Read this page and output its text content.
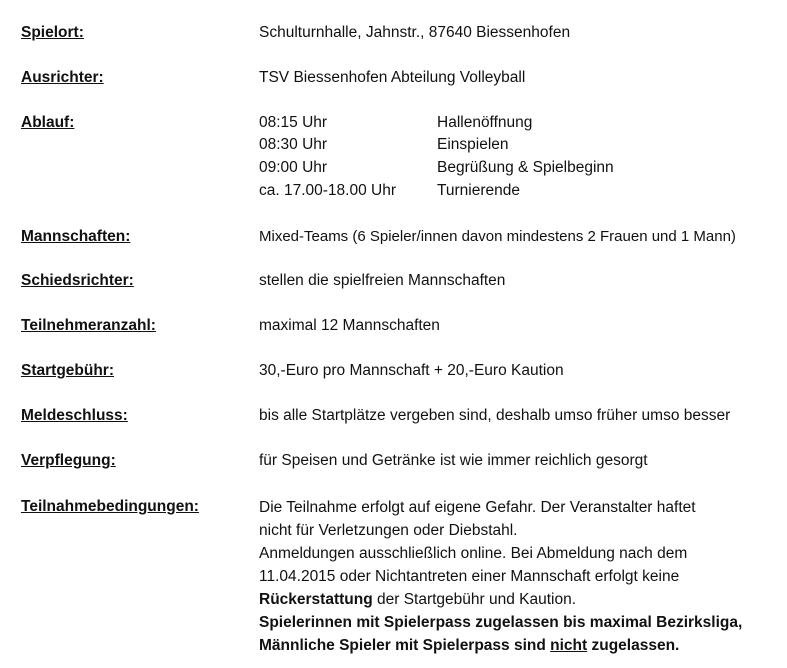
Spielort:	Schulturnhalle, Jahnstr., 87640 Biessenhofen
Ausrichter:	TSV Biessenhofen Abteilung Volleyball
Ablauf:	08:15 Uhr	Hallenöffnung
08:30 Uhr	Einspielen
09:00 Uhr	Begrüßung & Spielbeginn
ca. 17.00-18.00 Uhr	Turnierende
Mannschaften:	Mixed-Teams (6 Spieler/innen davon mindestens 2 Frauen und 1 Mann)
Schiedsrichter:	stellen die spielfreien Mannschaften
Teilnehmeranzahl:	maximal 12 Mannschaften
Startgebühr:	30,-Euro pro Mannschaft + 20,-Euro Kaution
Meldeschluss:	bis alle Startplätze vergeben sind, deshalb umso früher umso besser
Verpflegung:	für Speisen und Getränke ist wie immer reichlich gesorgt
Teilnahmebedingungen:	Die Teilnahme erfolgt auf eigene Gefahr. Der Veranstalter haftet
nicht für Verletzungen oder Diebstahl.
Anmeldungen ausschließlich online. Bei Abmeldung nach dem
11.04.2015 oder Nichtantreten einer Mannschaft erfolgt keine
Rückerstattung der Startgebühr und Kaution.
Spielerinnen mit Spielerpass zugelassen bis maximal Bezirksliga,
Männliche Spieler mit Spielerpass sind nicht zugelassen.
